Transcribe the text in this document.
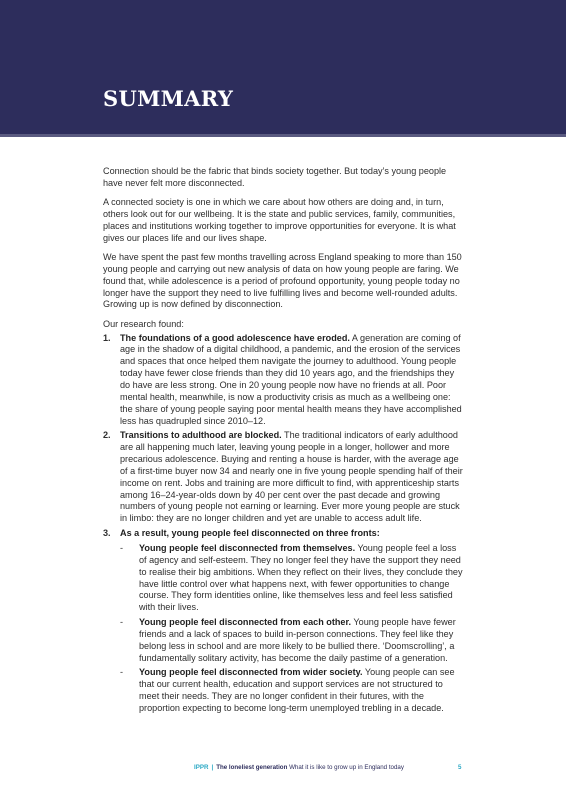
SUMMARY

Connection should be the fabric that binds society together. But today’s young people have never felt more disconnected.

A connected society is one in which we care about how others are doing and, in turn, others look out for our wellbeing. It is the state and public services, family, communities, places and institutions working together to improve opportunities for everyone. It is what gives our places life and our lives shape.

We have spent the past few months travelling across England speaking to more than 150 young people and carrying out new analysis of data on how young people are faring. We found that, while adolescence is a period of profound opportunity, young people today no longer have the support they need to live fulfilling lives and become well-rounded adults. Growing up is now defined by disconnection.

Our research found:

1. The foundations of a good adolescence have eroded. A generation are coming of age in the shadow of a digital childhood, a pandemic, and the erosion of the services and spaces that once helped them navigate the journey to adulthood. Young people today have fewer close friends than they did 10 years ago, and the friendships they do have are less strong. One in 20 young people now have no friends at all. Poor mental health, meanwhile, is now a productivity crisis as much as a wellbeing one: the share of young people saying poor mental health means they have accomplished less has quadrupled since 2010–12.
2. Transitions to adulthood are blocked. The traditional indicators of early adulthood are all happening much later, leaving young people in a longer, hollower and more precarious adolescence. Buying and renting a house is harder, with the average age of a first-time buyer now 34 and nearly one in five young people spending half of their income on rent. Jobs and training are more difficult to find, with apprenticeship starts among 16–24-year-olds down by 40 per cent over the past decade and growing numbers of young people not earning or learning. Ever more young people are stuck in limbo: they are no longer children and yet are unable to access adult life.
3. As a result, young people feel disconnected on three fronts:
- Young people feel disconnected from themselves. Young people feel a loss of agency and self-esteem. They no longer feel they have the support they need to realise their big ambitions. When they reflect on their lives, they conclude they have little control over what happens next, with fewer opportunities to change course. They form identities online, like themselves less and feel less satisfied with their lives.
- Young people feel disconnected from each other. Young people have fewer friends and a lack of spaces to build in-person connections. They feel like they belong less in school and are more likely to be bullied there. ‘Doomscrolling’, a fundamentally solitary activity, has become the daily pastime of a generation.
- Young people feel disconnected from wider society. Young people can see that our current health, education and support services are not structured to meet their needs. They are no longer confident in their futures, with the proportion expecting to become long-term unemployed trebling in a decade.
IPPR | The loneliest generation What it is like to grow up in England today	5
